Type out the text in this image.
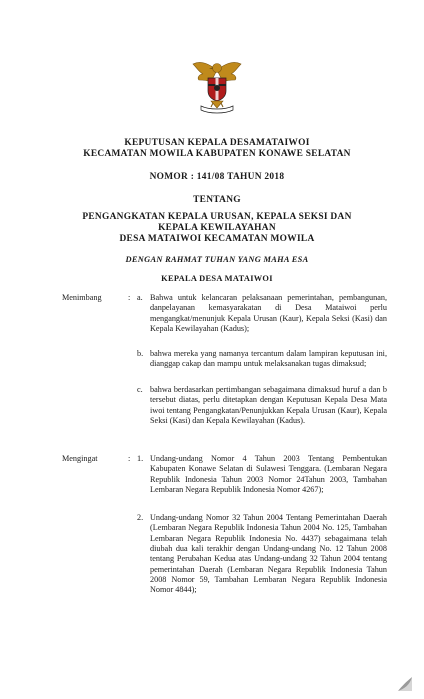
KEPUTUSAN KEPALA DESAMATAIWOI
KECAMATAN MOWILA KABUPATEN KONAWE SELATAN
NOMOR : 141/08 TAHUN 2018
TENTANG
PENGANGKATAN KEPALA URUSAN, KEPALA SEKSI DAN
KEPALA KEWILAYAHAN
DESA MATAIWOI KECAMATAN MOWILA
DENGAN RAHMAT TUHAN YANG MAHA ESA
KEPALA DESA MATAIWOI
Menimbang	: a. Bahwa untuk kelancaran pelaksanaan pemerintahan, pembangunan, danpelayanan kemasyarakatan di Desa Mataiwoi perlu mengangkat/menunjuk Kepala Urusan (Kaur), Kepala Seksi (Kasi) dan Kepala Kewilayahan (Kadus);
b. bahwa mereka yang namanya tercantum dalam lampiran keputusan ini, dianggap cakap dan mampu untuk melaksanakan tugas dimaksud;
c. bahwa berdasarkan pertimbangan sebagaimana dimaksud huruf a dan b tersebut diatas, perlu ditetapkan dengan Keputusan Kepala Desa Mata iwoi tentang Pengangkatan/Penunjukkan Kepala Urusan (Kaur), Kepala Seksi (Kasi) dan Kepala Kewilayahan (Kadus).
Mengingat	: 1. Undang-undang Nomor 4 Tahun 2003 Tentang Pembentukan Kabupaten Konawe Selatan di Sulawesi Tenggara. (Lembaran Negara Republik Indonesia Tahun 2003 Nomor 24Tahun 2003, Tambahan Lembaran Negara Republik Indonesia Nomor 4267);
2. Undang-undang Nomor 32 Tahun 2004 Tentang Pemerintahan Daerah (Lembaran Negara Republik Indonesia Tahun 2004 No. 125, Tambahan Lembaran Negara Republik Indonesia No. 4437) sebagaimana telah diubah dua kali terakhir dengan Undang-undang No. 12 Tahun 2008 tentang Perubahan Kedua atas Undang-undang 32 Tahun 2004 tentang pemerintahan Daerah (Lembaran Negara Republik Indonesia Tahun 2008 Nomor 59, Tambahan Lembaran Negara Republik Indonesia Nomor 4844);
